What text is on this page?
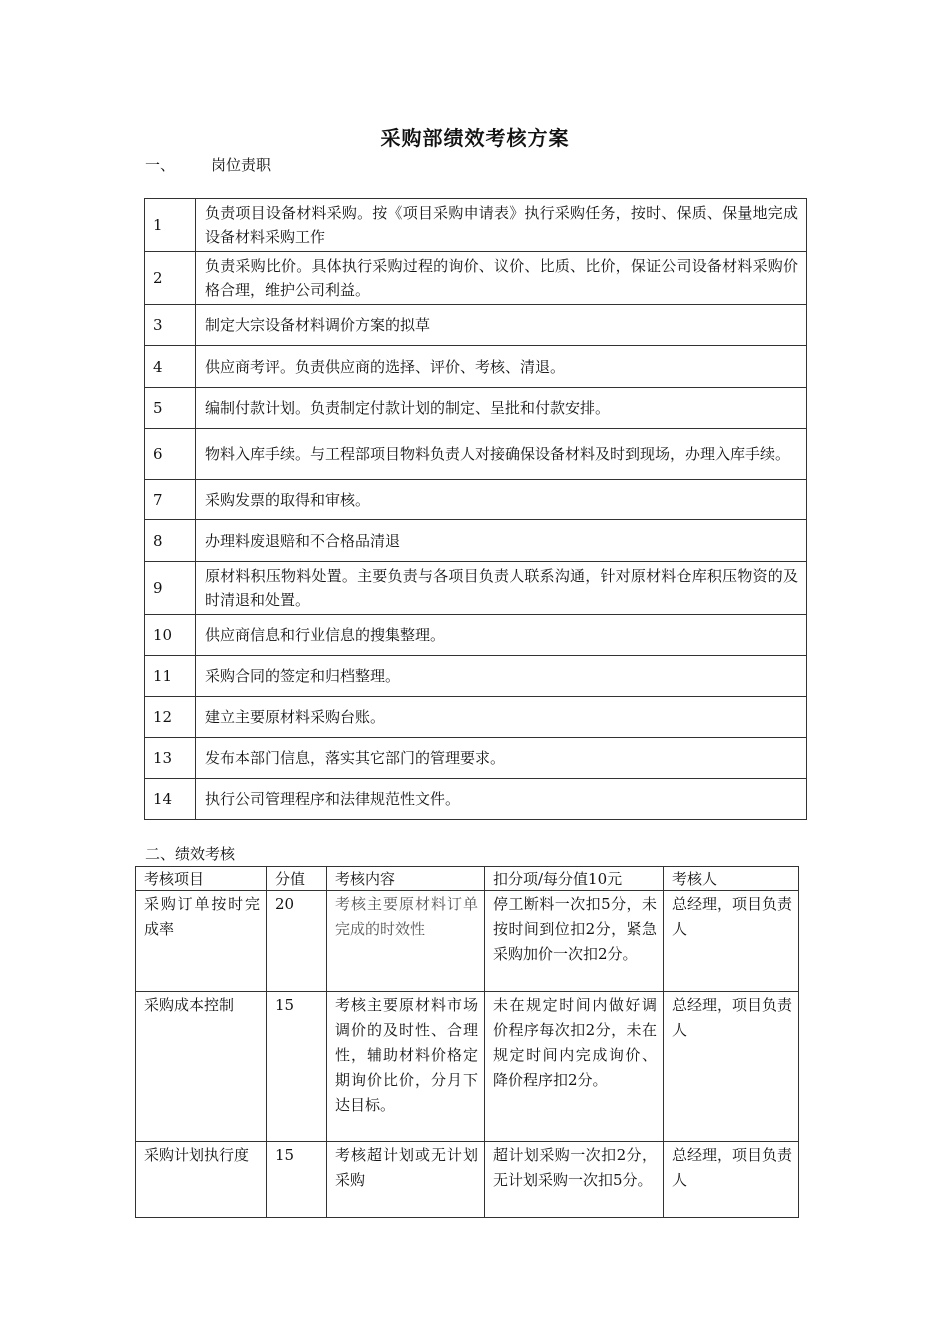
采购部绩效考核方案
一、 岗位责职
1	负责项目设备材料采购。按《项目采购申请表》执行采购任务，按时、保质、保量地完成设备材料采购工作
2	负责采购比价。具体执行采购过程的询价、议价、比质、比价，保证公司设备材料采购价格合理，维护公司利益。
3	制定大宗设备材料调价方案的拟草
4	供应商考评。负责供应商的选择、评价、考核、清退。
5	编制付款计划。负责制定付款计划的制定、呈批和付款安排。
6	物料入库手续。与工程部项目物料负责人对接确保设备材料及时到现场，办理入库手续。
7	采购发票的取得和审核。
8	办理料废退赔和不合格品清退
9	原材料积压物料处置。主要负责与各项目负责人联系沟通，针对原材料仓库积压物资的及时清退和处置。
10	供应商信息和行业信息的搜集整理。
11	采购合同的签定和归档整理。
12	建立主要原材料采购台账。
13	发布本部门信息，落实其它部门的管理要求。
14	执行公司管理程序和法律规范性文件。
二、绩效考核
考核项目	分值	考核内容	扣分项/每分值10元	考核人
采购订单按时完成率	20	考核主要原材料订单完成的时效性	停工断料一次扣5分，未按时间到位扣2分，紧急采购加价一次扣2分。	总经理，项目负责人
采购成本控制	15	考核主要原材料市场调价的及时性、合理性，辅助材料价格定期询价比价，分月下达目标。	未在规定时间内做好调价程序每次扣2分，未在规定时间内完成询价、降价程序扣2分。	总经理，项目负责人
采购计划执行度	15	考核超计划或无计划采购	超计划采购一次扣2分，无计划采购一次扣5分。	总经理，项目负责人
